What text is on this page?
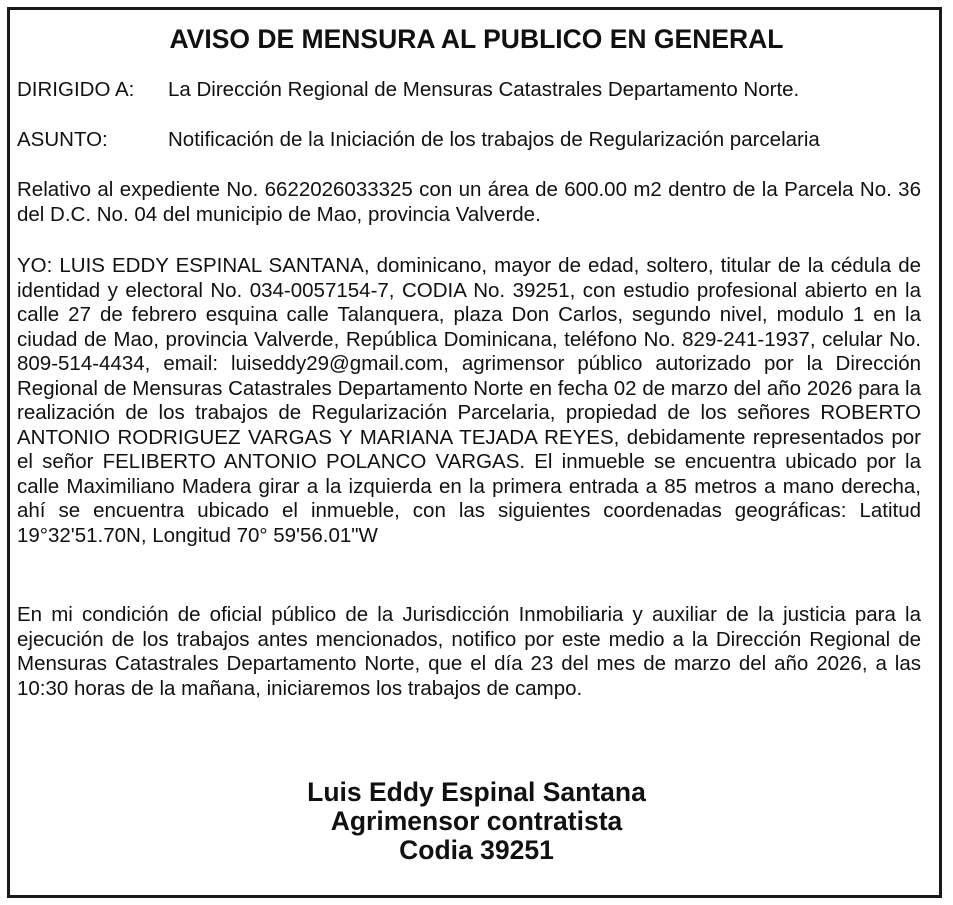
AVISO DE MENSURA AL PUBLICO EN GENERAL
DIRIGIDO A: La Dirección Regional de Mensuras Catastrales Departamento Norte.
ASUNTO:	Notificación de la Iniciación de los trabajos de Regularización parcelaria
Relativo al expediente No. 6622026033325 con un área de 600.00 m2 dentro de la Parcela No. 36 del D.C. No. 04 del municipio de Mao, provincia Valverde.
YO: LUIS EDDY ESPINAL SANTANA, dominicano, mayor de edad, soltero, titular de la cédula de identidad y electoral No. 034-0057154-7, CODIA No. 39251, con estudio profesional abierto en la calle 27 de febrero esquina calle Talanquera, plaza Don Carlos, segundo nivel, modulo 1 en la ciudad de Mao, provincia Valverde, República Dominicana, teléfono No. 829-241-1937, celular No. 809-514-4434, email: luiseddy29@gmail.com, agrimensor público autorizado por la Dirección Regional de Mensuras Catastrales Departamento Norte en fecha 02 de marzo del año 2026 para la realización de los trabajos de Regularización Parcelaria, propiedad de los señores ROBERTO ANTONIO RODRIGUEZ VARGAS Y MARIANA TEJADA REYES, debidamente representados por el señor FELIBERTO ANTONIO POLANCO VARGAS. El inmueble se encuentra ubicado por la calle Maximiliano Madera girar a la izquierda en la primera entrada a 85 metros a mano derecha, ahí se encuentra ubicado el inmueble, con las siguientes coordenadas geográficas: Latitud 19°32'51.70N, Longitud 70° 59'56.01"W
En mi condición de oficial público de la Jurisdicción Inmobiliaria y auxiliar de la justicia para la ejecución de los trabajos antes mencionados, notifico por este medio a la Dirección Regional de Mensuras Catastrales Departamento Norte, que el día 23 del mes de marzo del año 2026, a las 10:30 horas de la mañana, iniciaremos los trabajos de campo.
Luis Eddy Espinal Santana
Agrimensor contratista
Codia 39251
